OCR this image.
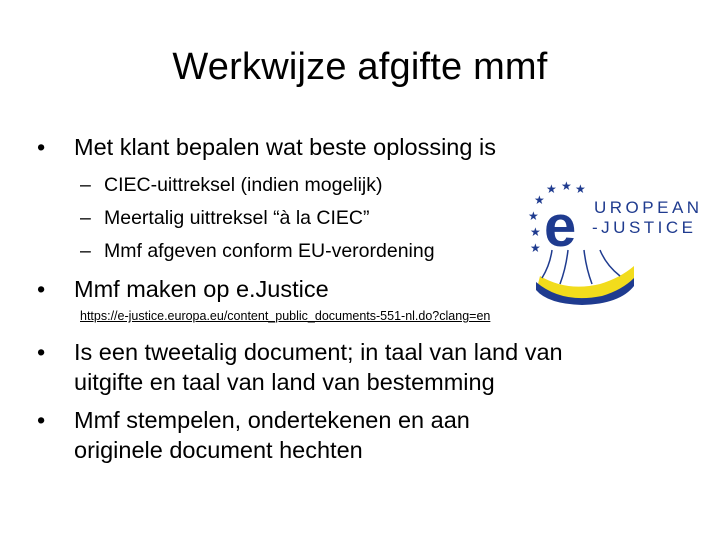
Werkwijze afgifte mmf
• Met klant bepalen wat beste oplossing is
– CIEC-uittreksel (indien mogelijk)
– Meertalig uittreksel “à la CIEC”
– Mmf afgeven conform EU-verordening
• Mmf maken op e.Justice
https://e-justice.europa.eu/content_public_documents-551-nl.do?clang=en
• Is een tweetalig document; in taal van land van
uitgifte en taal van land van bestemming
• Mmf stempelen, ondertekenen en aan
originele document hechten
★
★
★
★ ★ ★
★ e UROPEAN
-JUSTICE
